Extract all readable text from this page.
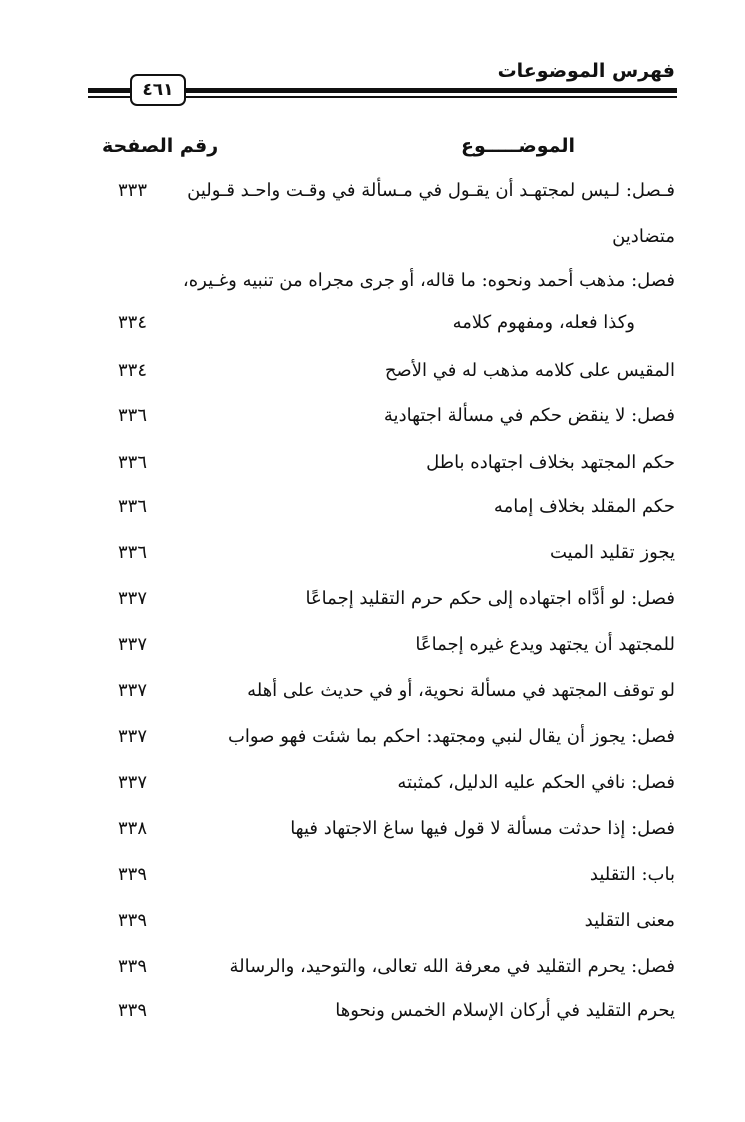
فهرس الموضوعات
٤٦١
الموضـــــوع
رقم الصفحة
فـصل: لـيس لمجتهـد أن يقـول في مـسألة في وقـت واحـد قـولين
٣٣٣
متضادين
فصل: مذهب أحمد ونحوه: ما قاله، أو جرى مجراه من تنبيه وغـيره،
وكذا فعله، ومفهوم كلامه
٣٣٤
المقيس على كلامه مذهب له في الأصح
٣٣٤
فصل: لا ينقض حكم في مسألة اجتهادية
٣٣٦
حكم المجتهد بخلاف اجتهاده باطل
٣٣٦
حكم المقلد بخلاف إمامه
٣٣٦
يجوز تقليد الميت
٣٣٦
فصل: لو أدَّاه اجتهاده إلى حكم حرم التقليد إجماعًا
٣٣٧
للمجتهد أن يجتهد ويدع غيره إجماعًا
٣٣٧
لو توقف المجتهد في مسألة نحوية، أو في حديث على أهله
٣٣٧
فصل: يجوز أن يقال لنبي ومجتهد: احكم بما شئت فهو صواب
٣٣٧
فصل: نافي الحكم عليه الدليل، كمثبته
٣٣٧
فصل: إذا حدثت مسألة لا قول فيها ساغ الاجتهاد فيها
٣٣٨
باب: التقليد
٣٣٩
معنى التقليد
٣٣٩
فصل: يحرم التقليد في معرفة الله تعالى، والتوحيد، والرسالة
٣٣٩
يحرم التقليد في أركان الإسلام الخمس ونحوها
٣٣٩
